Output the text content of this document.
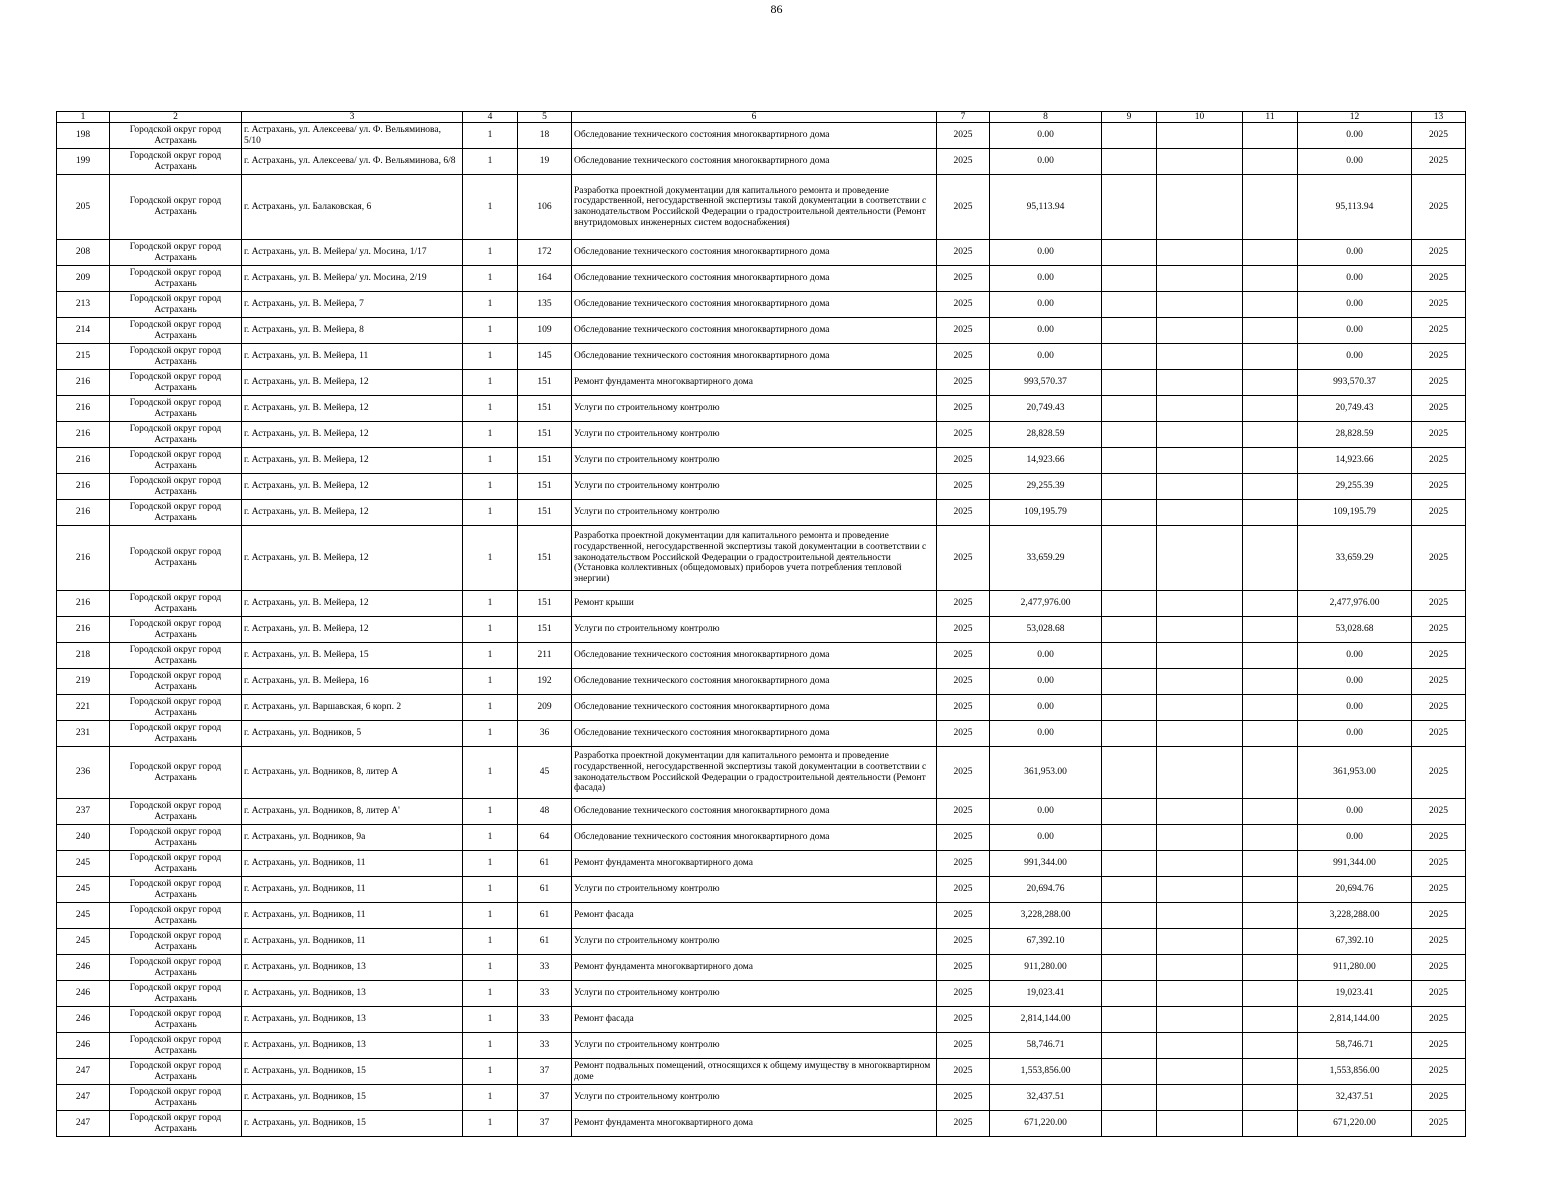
86
1	2	3	4	5	6	7	8	9	10	11	12	13
198	Городской округ город Астрахань	г. Астрахань, ул. Алексеева/ ул. Ф. Вельяминова, 5/10	1	18	Обследование технического состояния многоквартирного дома	2025	0.00				0.00	2025
199	Городской округ город Астрахань	г. Астрахань, ул. Алексеева/ ул. Ф. Вельяминова, 6/8	1	19	Обследование технического состояния многоквартирного дома	2025	0.00				0.00	2025
205	Городской округ город Астрахань	г. Астрахань, ул. Балаковская, 6	1	106	Разработка проектной документации для капитального ремонта и проведение государственной, негосударственной экспертизы такой документации в соответствии с законодательством Российской Федерации о градостроительной деятельности (Ремонт внутридомовых инженерных систем водоснабжения)	2025	95,113.94				95,113.94	2025
208	Городской округ город Астрахань	г. Астрахань, ул. В. Мейера/ ул. Мосина, 1/17	1	172	Обследование технического состояния многоквартирного дома	2025	0.00				0.00	2025
209	Городской округ город Астрахань	г. Астрахань, ул. В. Мейера/ ул. Мосина, 2/19	1	164	Обследование технического состояния многоквартирного дома	2025	0.00				0.00	2025
213	Городской округ город Астрахань	г. Астрахань, ул. В. Мейера, 7	1	135	Обследование технического состояния многоквартирного дома	2025	0.00				0.00	2025
214	Городской округ город Астрахань	г. Астрахань, ул. В. Мейера, 8	1	109	Обследование технического состояния многоквартирного дома	2025	0.00				0.00	2025
215	Городской округ город Астрахань	г. Астрахань, ул. В. Мейера, 11	1	145	Обследование технического состояния многоквартирного дома	2025	0.00				0.00	2025
216	Городской округ город Астрахань	г. Астрахань, ул. В. Мейера, 12	1	151	Ремонт фундамента многоквартирного дома	2025	993,570.37				993,570.37	2025
216	Городской округ город Астрахань	г. Астрахань, ул. В. Мейера, 12	1	151	Услуги по строительному контролю	2025	20,749.43				20,749.43	2025
216	Городской округ город Астрахань	г. Астрахань, ул. В. Мейера, 12	1	151	Услуги по строительному контролю	2025	28,828.59				28,828.59	2025
216	Городской округ город Астрахань	г. Астрахань, ул. В. Мейера, 12	1	151	Услуги по строительному контролю	2025	14,923.66				14,923.66	2025
216	Городской округ город Астрахань	г. Астрахань, ул. В. Мейера, 12	1	151	Услуги по строительному контролю	2025	29,255.39				29,255.39	2025
216	Городской округ город Астрахань	г. Астрахань, ул. В. Мейера, 12	1	151	Услуги по строительному контролю	2025	109,195.79				109,195.79	2025
216	Городской округ город Астрахань	г. Астрахань, ул. В. Мейера, 12	1	151	Разработка проектной документации для капитального ремонта и проведение государственной, негосударственной экспертизы такой документации в соответствии с законодательством Российской Федерации о градостроительной деятельности (Установка коллективных (общедомовых) приборов учета потребления тепловой энергии)	2025	33,659.29				33,659.29	2025
216	Городской округ город Астрахань	г. Астрахань, ул. В. Мейера, 12	1	151	Ремонт крыши	2025	2,477,976.00				2,477,976.00	2025
216	Городской округ город Астрахань	г. Астрахань, ул. В. Мейера, 12	1	151	Услуги по строительному контролю	2025	53,028.68				53,028.68	2025
218	Городской округ город Астрахань	г. Астрахань, ул. В. Мейера, 15	1	211	Обследование технического состояния многоквартирного дома	2025	0.00				0.00	2025
219	Городской округ город Астрахань	г. Астрахань, ул. В. Мейера, 16	1	192	Обследование технического состояния многоквартирного дома	2025	0.00				0.00	2025
221	Городской округ город Астрахань	г. Астрахань, ул. Варшавская, 6 корп. 2	1	209	Обследование технического состояния многоквартирного дома	2025	0.00				0.00	2025
231	Городской округ город Астрахань	г. Астрахань, ул. Водников, 5	1	36	Обследование технического состояния многоквартирного дома	2025	0.00				0.00	2025
236	Городской округ город Астрахань	г. Астрахань, ул. Водников, 8, литер А	1	45	Разработка проектной документации для капитального ремонта и проведение государственной, негосударственной экспертизы такой документации в соответствии с законодательством Российской Федерации о градостроительной деятельности (Ремонт фасада)	2025	361,953.00				361,953.00	2025
237	Городской округ город Астрахань	г. Астрахань, ул. Водников, 8, литер А'	1	48	Обследование технического состояния многоквартирного дома	2025	0.00				0.00	2025
240	Городской округ город Астрахань	г. Астрахань, ул. Водников, 9а	1	64	Обследование технического состояния многоквартирного дома	2025	0.00				0.00	2025
245	Городской округ город Астрахань	г. Астрахань, ул. Водников, 11	1	61	Ремонт фундамента многоквартирного дома	2025	991,344.00				991,344.00	2025
245	Городской округ город Астрахань	г. Астрахань, ул. Водников, 11	1	61	Услуги по строительному контролю	2025	20,694.76				20,694.76	2025
245	Городской округ город Астрахань	г. Астрахань, ул. Водников, 11	1	61	Ремонт фасада	2025	3,228,288.00				3,228,288.00	2025
245	Городской округ город Астрахань	г. Астрахань, ул. Водников, 11	1	61	Услуги по строительному контролю	2025	67,392.10				67,392.10	2025
246	Городской округ город Астрахань	г. Астрахань, ул. Водников, 13	1	33	Ремонт фундамента многоквартирного дома	2025	911,280.00				911,280.00	2025
246	Городской округ город Астрахань	г. Астрахань, ул. Водников, 13	1	33	Услуги по строительному контролю	2025	19,023.41				19,023.41	2025
246	Городской округ город Астрахань	г. Астрахань, ул. Водников, 13	1	33	Ремонт фасада	2025	2,814,144.00				2,814,144.00	2025
246	Городской округ город Астрахань	г. Астрахань, ул. Водников, 13	1	33	Услуги по строительному контролю	2025	58,746.71				58,746.71	2025
247	Городской округ город Астрахань	г. Астрахань, ул. Водников, 15	1	37	Ремонт подвальных помещений, относящихся к общему имуществу в многоквартирном доме	2025	1,553,856.00				1,553,856.00	2025
247	Городской округ город Астрахань	г. Астрахань, ул. Водников, 15	1	37	Услуги по строительному контролю	2025	32,437.51				32,437.51	2025
247	Городской округ город Астрахань	г. Астрахань, ул. Водников, 15	1	37	Ремонт фундамента многоквартирного дома	2025	671,220.00				671,220.00	2025
